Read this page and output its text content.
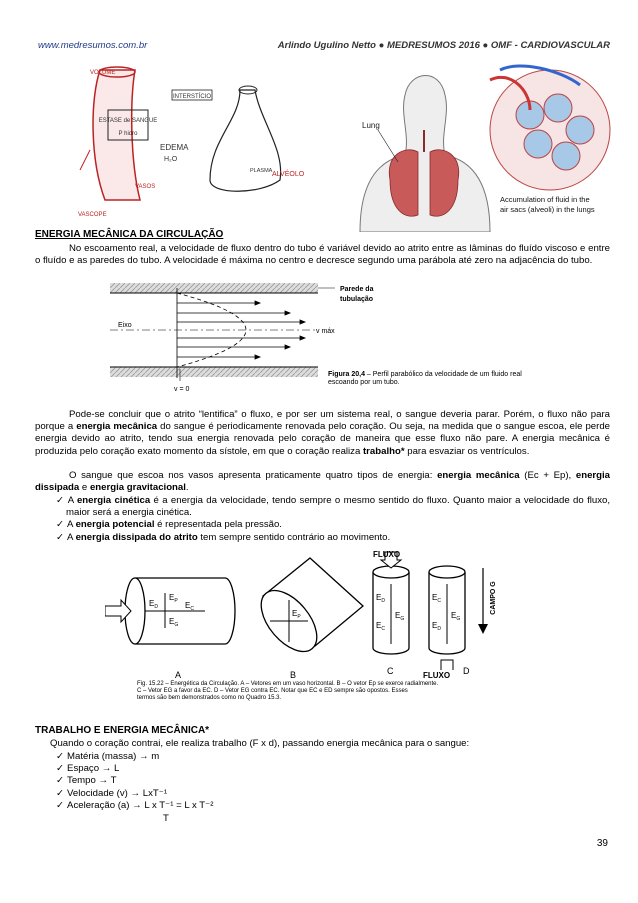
www.medresumos.com.br	Arlindo Ugulino Netto ● MEDRESUMOS 2016 ● OMF - CARDIOVASCULAR
ESTASE de SANGUE
P hidro
VOLUME
VASOS
VASCOPE
INTERSTÍCIO
EDEMA
H₂O
PLASMA ALVÉOLO
Lung
Accumulation of fluid in the air sacs (alveoli) in the lungs
ENERGIA MECÂNICA DA CIRCULAÇÃO
No escoamento real, a velocidade de fluxo dentro do tubo é variável devido ao atrito entre as lâminas do fluído viscoso e entre o fluído e as paredes do tubo. A velocidade é máxima no centro e decresce segundo uma parábola até zero na adjacência do tubo.
Parede da
tubulação
Eixo
v máx
v = 0
Figura 20,4 – Perfil parabólico da velocidade de um fluido real escoando por um tubo.
Pode-se concluir que o atrito “lentifica” o fluxo, e por ser um sistema real, o sangue deveria parar. Porém, o fluxo não para porque a energia mecânica do sangue é periodicamente renovada pelo coração. Ou seja, na medida que o sangue escoa, ele perde energia devido ao atrito, tendo sua energia renovada pelo coração de maneira que esse fluxo não pare. A energia mecânica é produzida pelo coração exato momento da sístole, em que o coração realiza trabalho* para esvaziar os ventrículos.
O sangue que escoa nos vasos apresenta praticamente quatro tipos de energia: energia mecânica (Ec + Ep), energia dissipada e energia gravitacional.
✓ A energia cinética é a energia da velocidade, tendo sempre o mesmo sentido do fluxo. Quanto maior a velocidade do fluxo, maior será a energia cinética.
✓ A energia potencial é representada pela pressão.
✓ A energia dissipada do atrito tem sempre sentido contrário ao movimento.
$E_D$
$E_P$ $E_C$
$E_G$
$E_P$
$E_D$
$E_C$
$E_G$
FLUXO
$E_C$
$E_D$
$E_G$
FLUXO
CAMPO G
A	B	C	D
Fig. 15.22 – Energética da Circulação. A – Vetores em um vaso horizontal. B – O vetor Ep se exerce radialmente.
C – Vetor EG a favor da EC. D – Vetor EG contra EC. Notar que EC e ED sempre são opostos. Esses
termos são bem demonstrados como no Quadro 15.3.
TRABALHO E ENERGIA MECÂNICA*
Quando o coração contrai, ele realiza trabalho (F x d), passando energia mecânica para o sangue:
✓ Matéria (massa) → m
✓ Espaço → L
✓ Tempo → T
✓ Velocidade (v) → LxT⁻¹
✓ Aceleração (a) → L x T⁻¹ = L x T⁻²
T
39
